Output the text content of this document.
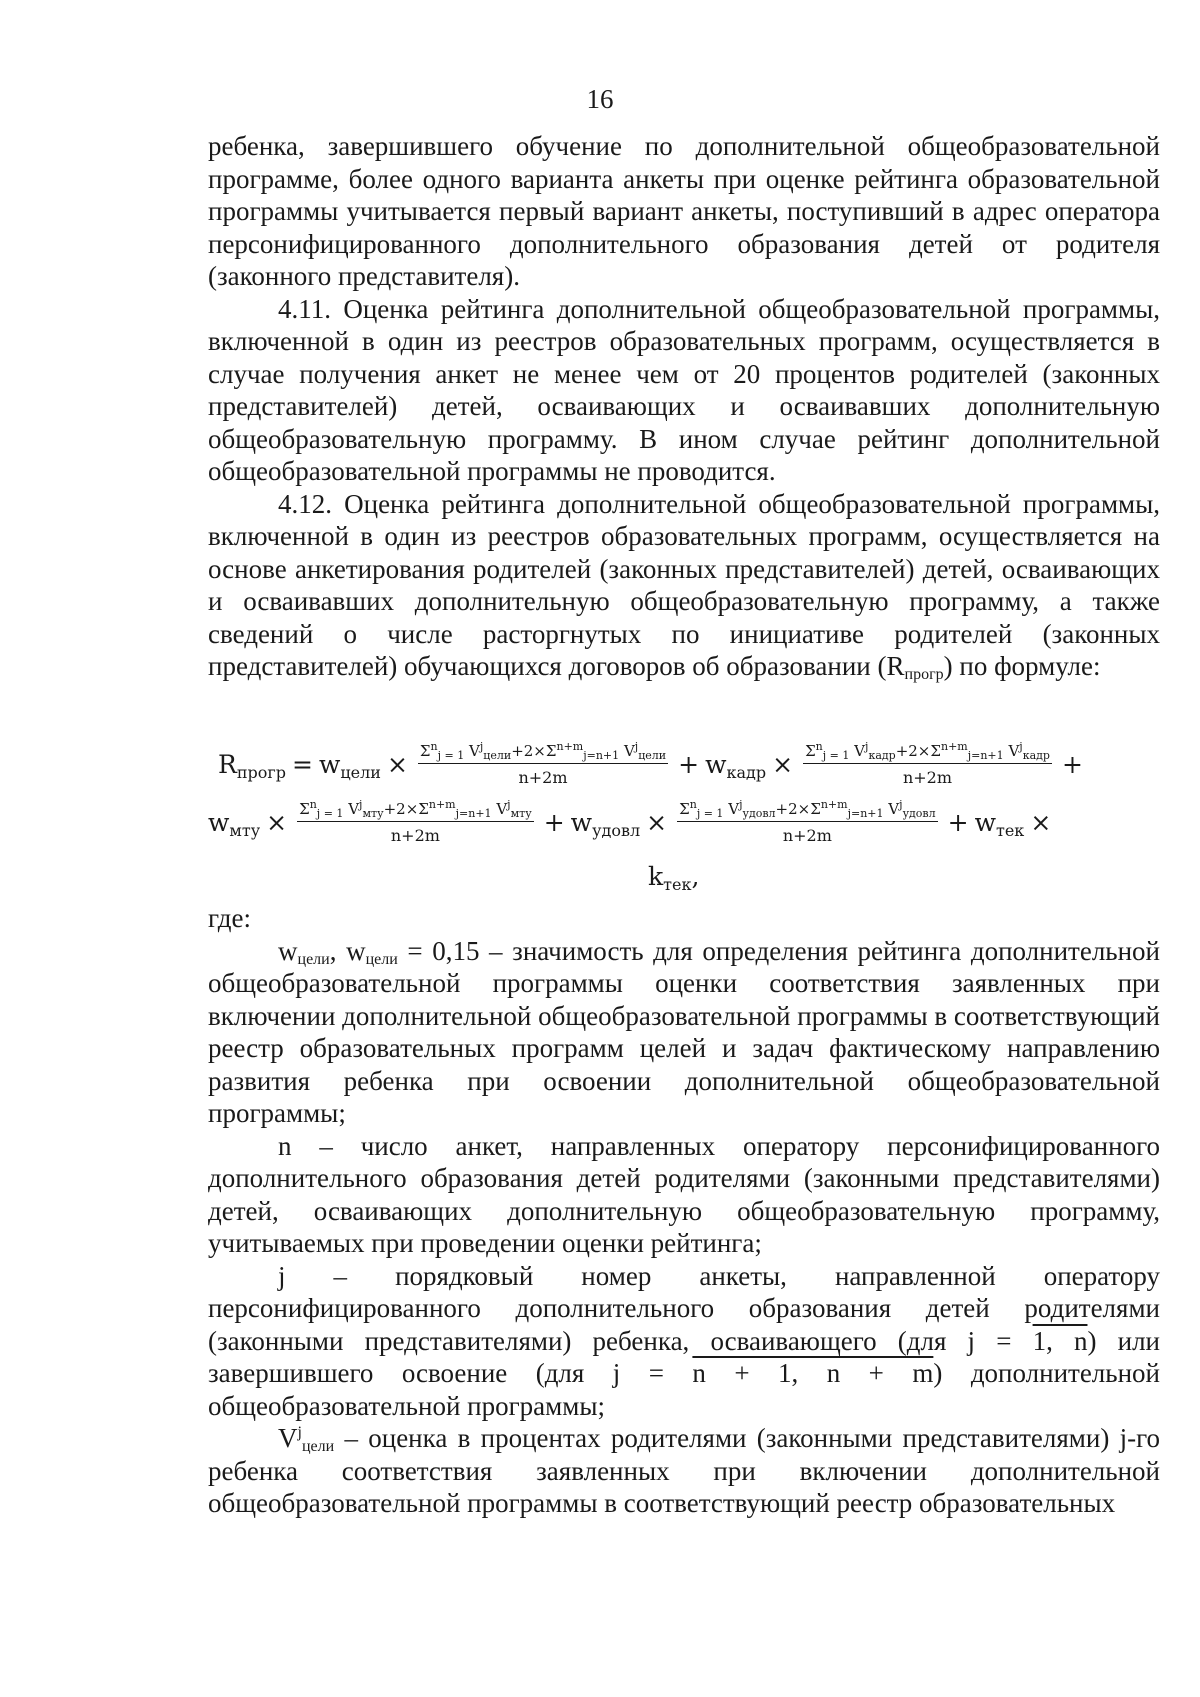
16

ребенка, завершившего обучение по дополнительной общеобразовательной программе, более одного варианта анкеты при оценке рейтинга образовательной программы учитывается первый вариант анкеты, поступивший в адрес оператора персонифицированного дополнительного образования детей от родителя (законного представителя).

4.11. Оценка рейтинга дополнительной общеобразовательной программы, включенной в один из реестров образовательных программ, осуществляется в случае получения анкет не менее чем от 20 процентов родителей (законных представителей) детей, осваивающих и осваивавших дополнительную общеобразовательную программу. В ином случае рейтинг дополнительной общеобразовательной программы не проводится.

4.12. Оценка рейтинга дополнительной общеобразовательной программы, включенной в один из реестров образовательных программ, осуществляется на основе анкетирования родителей (законных представителей) детей, осваивающих и осваивавших дополнительную общеобразовательную программу, а также сведений о числе расторгнутых по инициативе родителей (законных представителей) обучающихся договоров об образовании $(R_{прогр})$ по формуле:

$R_{прогр} = w_{цели} \times \frac{\Sigma^n_{j = 1} V^j_{цели}+2\times\Sigma^{n+m}_{j=n+1} V^j_{цели}}{n+2m} + w_{кадр} \times \frac{\Sigma^n_{j = 1} V^j_{кадр}+2\times\Sigma^{n+m}_{j=n+1} V^j_{кадр}}{n+2m}$ +
$w_{мту} \times \frac{\Sigma^n_{j = 1} V^j_{мту}+2\times\Sigma^{n+m}_{j=n+1} V^j_{мту}}{n+2m} + w_{удовл} \times \frac{\Sigma^n_{j = 1} V^j_{удовл}+2\times\Sigma^{n+m}_{j=n+1} V^j_{удовл}}{n+2m} + w_{тек}$ ×
$k_{тек}$,

где:

$w_{цели}$, $w_{цели} = 0,15$ – значимость для определения рейтинга дополнительной общеобразовательной программы оценки соответствия заявленных при включении дополнительной общеобразовательной программы в соответствующий реестр образовательных программ целей и задач фактическому направлению развития ребенка при освоении дополнительной общеобразовательной программы;

n – число анкет, направленных оператору персонифицированного дополнительного образования детей родителями (законными представителями) детей, осваивающих дополнительную общеобразовательную программу, учитываемых при проведении оценки рейтинга;

j – порядковый номер анкеты, направленной оператору персонифицированного дополнительного образования детей родителями (законными представителями) ребенка, осваивающего (для j = 1, n) или завершившего освоение (для j = n + 1, n + m) дополнительной общеобразовательной программы;

$V^j_{цели}$ – оценка в процентах родителями (законными представителями) j-го ребенка соответствия заявленных при включении дополнительной общеобразовательной программы в соответствующий реестр образовательных
